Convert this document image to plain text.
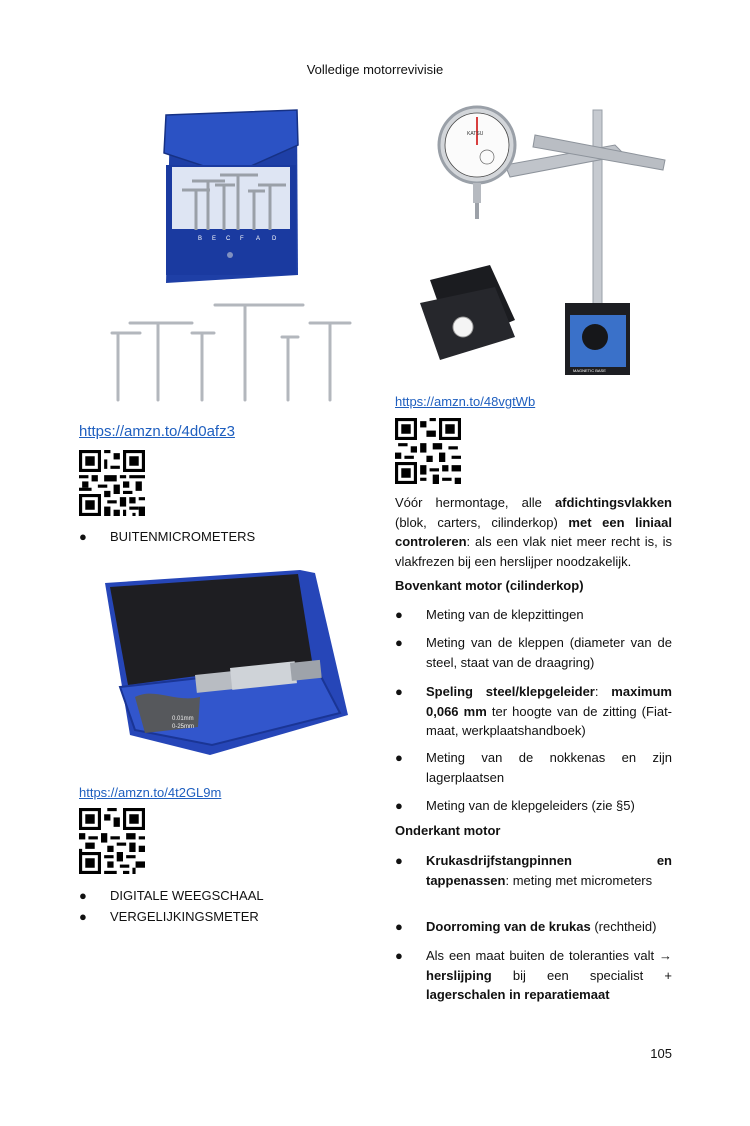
Volledige motorrevivisie
B E C F A D
https://amzn.to/4d0afz3
● BUITENMICROMETERS
0.01mm
0-25mm
https://amzn.to/4t2GL9m
● DIGITALE WEEGSCHAAL
● VERGELIJKINGSMETER
KATSU
MAGNETIC BASE
https://amzn.to/48vgtWb
Vóór hermontage, alle afdichtingsvlakken (blok, carters, cilinderkop) met een liniaal controleren: als een vlak niet meer recht is, is vlakfrezen bij een herslijper noodzakelijk.
Bovenkant motor (cilinderkop)
● Meting van de klepzittingen
● Meting van de kleppen (diameter van de steel, staat van de draagring)
● Speling steel/klepgeleider: maximum 0,066 mm ter hoogte van de zitting (Fiat-maat, werkplaatshandboek)
● Meting van de nokkenas en zijn lagerplaatsen
● Meting van de klepgeleiders (zie §5)
Onderkant motor
● Krukasdrijfstangpinnen en tappenassen: meting met micrometers
● Doorroming van de krukas (rechtheid)
● Als een maat buiten de toleranties valt → herslijping bij een specialist + lagerschalen in reparatiemaat
105
